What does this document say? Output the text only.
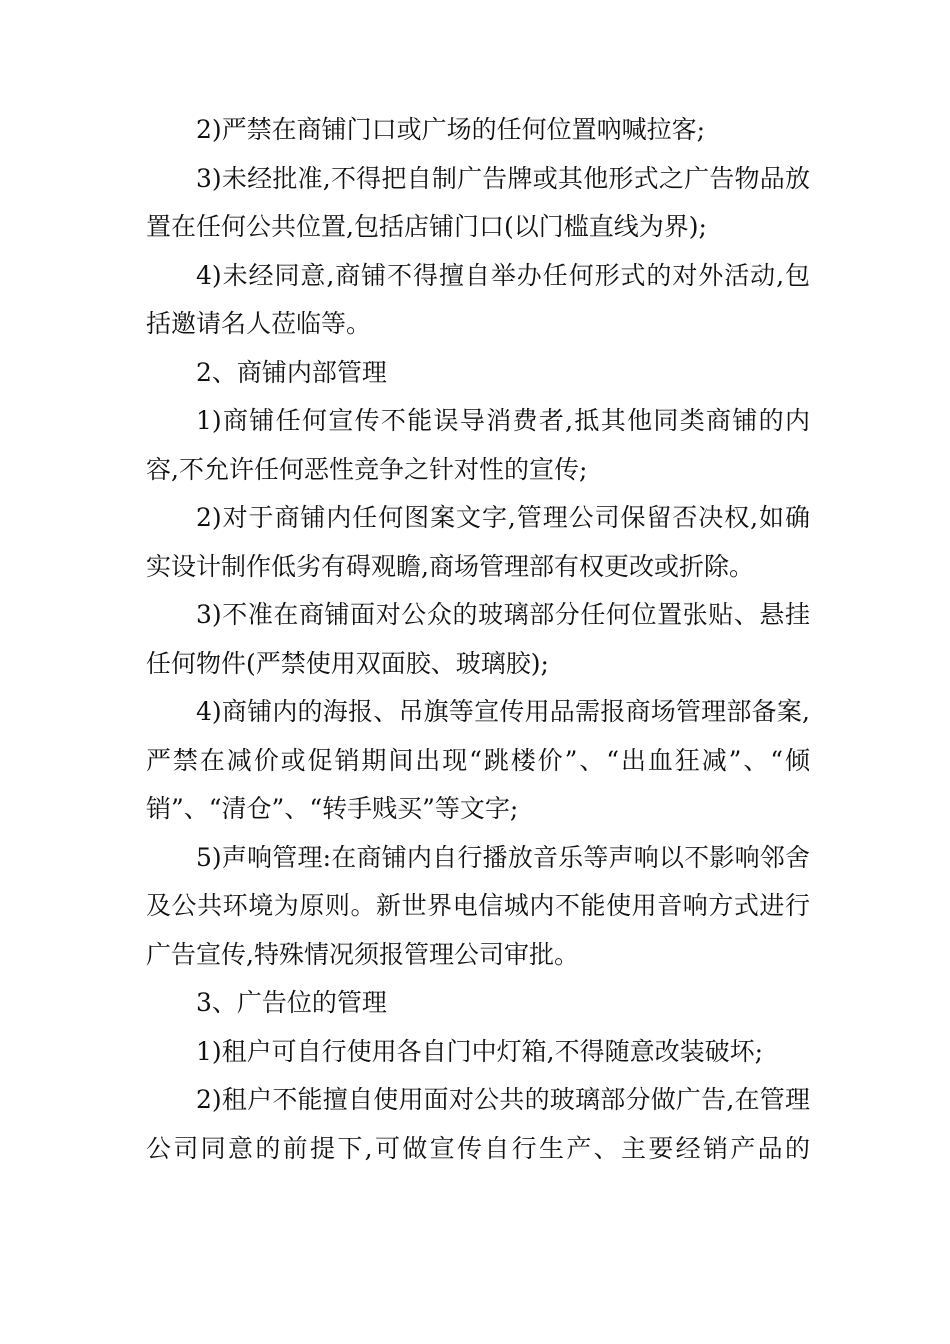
2)严禁在商铺门口或广场的任何位置吶喊拉客;

3)未经批准,不得把自制广告牌或其他形式之广告物品放置在任何公共位置,包括店铺门口(以门槛直线为界);

4)未经同意,商铺不得擅自举办任何形式的对外活动,包括邀请名人莅临等。

2、商铺内部管理

1)商铺任何宣传不能误导消费者,抵其他同类商铺的内容,不允许任何恶性竞争之针对性的宣传;

2)对于商铺内任何图案文字,管理公司保留否决权,如确实设计制作低劣有碍观瞻,商场管理部有权更改或折除。

3)不准在商铺面对公众的玻璃部分任何位置张贴、悬挂任何物件(严禁使用双面胶、玻璃胶);

4)商铺内的海报、吊旗等宣传用品需报商场管理部备案,严禁在减价或促销期间出现“跳楼价”、“出血狂减”、“倾销”、“清仓”、“转手贱买”等文字;

5)声响管理:在商铺内自行播放音乐等声响以不影响邻舍及公共环境为原则。新世界电信城内不能使用音响方式进行广告宣传,特殊情况须报管理公司审批。

3、广告位的管理

1)租户可自行使用各自门中灯箱,不得随意改装破坏;

2)租户不能擅自使用面对公共的玻璃部分做广告,在管理公司同意的前提下,可做宣传自行生产、主要经销产品的
